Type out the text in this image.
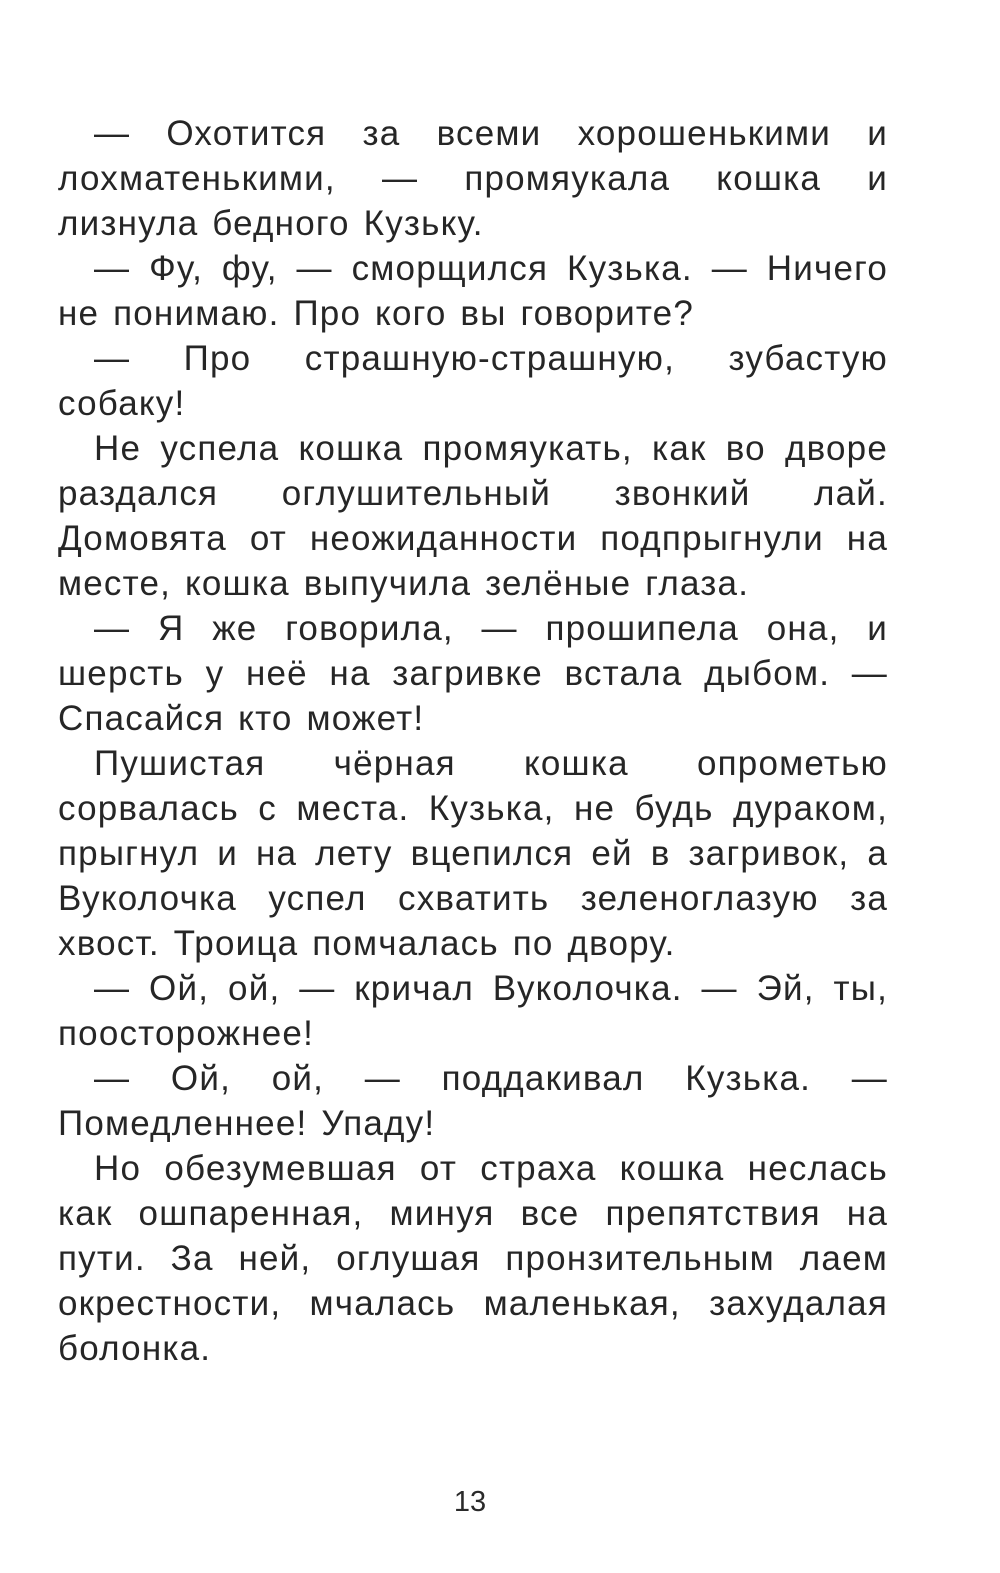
— Охотится за всеми хорошенькими и лохматенькими, — промяукала кошка и лизнула бедного Кузьку.

— Фу, фу, — сморщился Кузька. — Ничего не понимаю. Про кого вы говорите?

— Про страшную-страшную, зубастую собаку!

Не успела кошка промяукать, как во дворе раздался оглушительный звонкий лай. Домовята от неожиданности подпрыгнули на месте, кошка выпучила зелёные глаза.

— Я же говорила, — прошипела она, и шерсть у неё на загривке встала дыбом. — Спасайся кто может!

Пушистая чёрная кошка опрометью сорвалась с места. Кузька, не будь дураком, прыгнул и на лету вцепился ей в загривок, а Вуколочка успел схватить зеленоглазую за хвост. Троица помчалась по двору.

— Ой, ой, — кричал Вуколочка. — Эй, ты, поосторожнее!

— Ой, ой, — поддакивал Кузька. — Помедленнее! Упаду!

Но обезумевшая от страха кошка неслась как ошпаренная, минуя все препятствия на пути. За ней, оглушая пронзительным лаем окрестности, мчалась маленькая, захудалая болонка.

13
